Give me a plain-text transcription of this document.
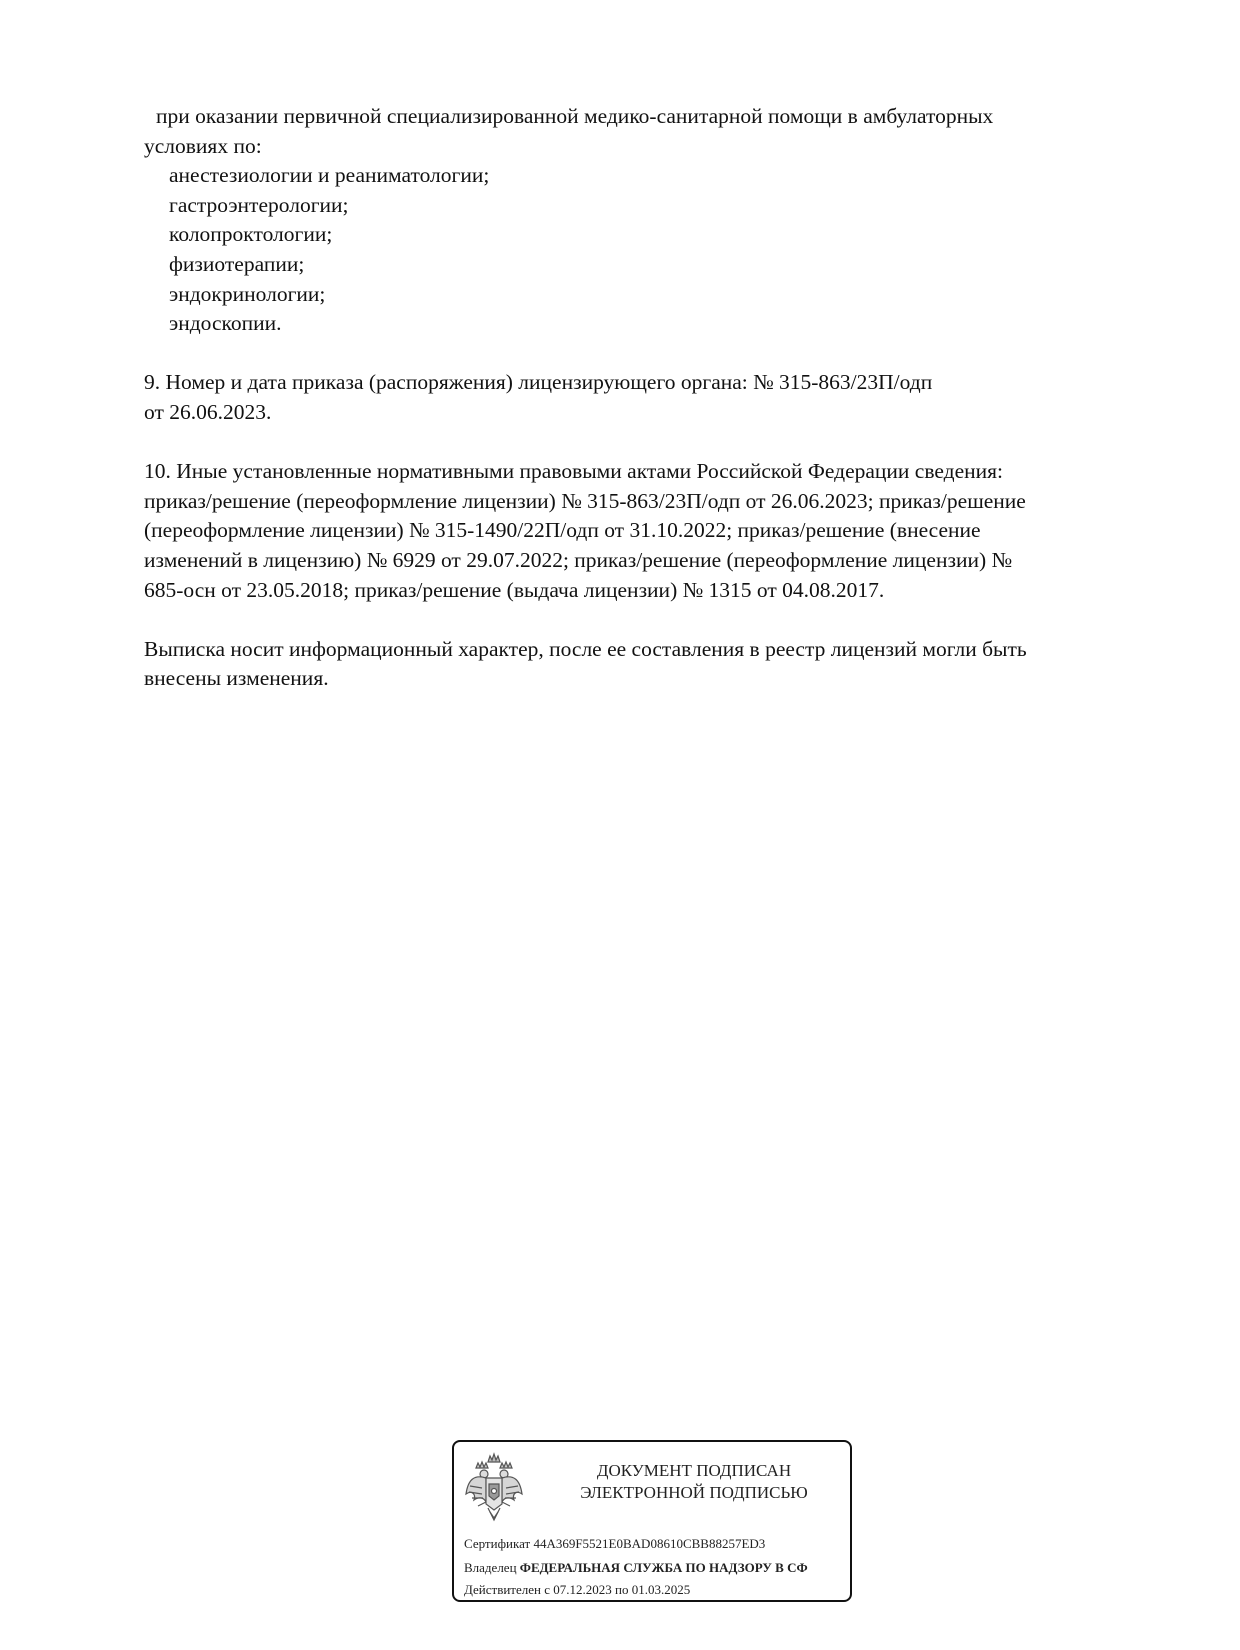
при оказании первичной специализированной медико-санитарной помощи в амбулаторных
условиях по:
анестезиологии и реаниматологии;
гастроэнтерологии;
колопроктологии;
физиотерапии;
эндокринологии;
эндоскопии.
9. Номер и дата приказа (распоряжения) лицензирующего органа: № 315-863/23П/одп
от 26.06.2023.
10. Иные установленные нормативными правовыми актами Российской Федерации сведения:
приказ/решение (переоформление лицензии) № 315-863/23П/одп от 26.06.2023; приказ/решение
(переоформление лицензии) № 315-1490/22П/одп от 31.10.2022; приказ/решение (внесение
изменений в лицензию) № 6929 от 29.07.2022; приказ/решение (переоформление лицензии) №
685-осн от 23.05.2018; приказ/решение (выдача лицензии) № 1315 от 04.08.2017.
Выписка носит информационный характер, после ее составления в реестр лицензий могли быть
внесены изменения.
ДОКУМЕНТ ПОДПИСАН
ЭЛЕКТРОННОЙ ПОДПИСЬЮ
Сертификат 44A369F5521E0BAD08610CBB88257ED3
Владелец ФЕДЕРАЛЬНАЯ СЛУЖБА ПО НАДЗОРУ В СФ
Действителен с 07.12.2023 по 01.03.2025
